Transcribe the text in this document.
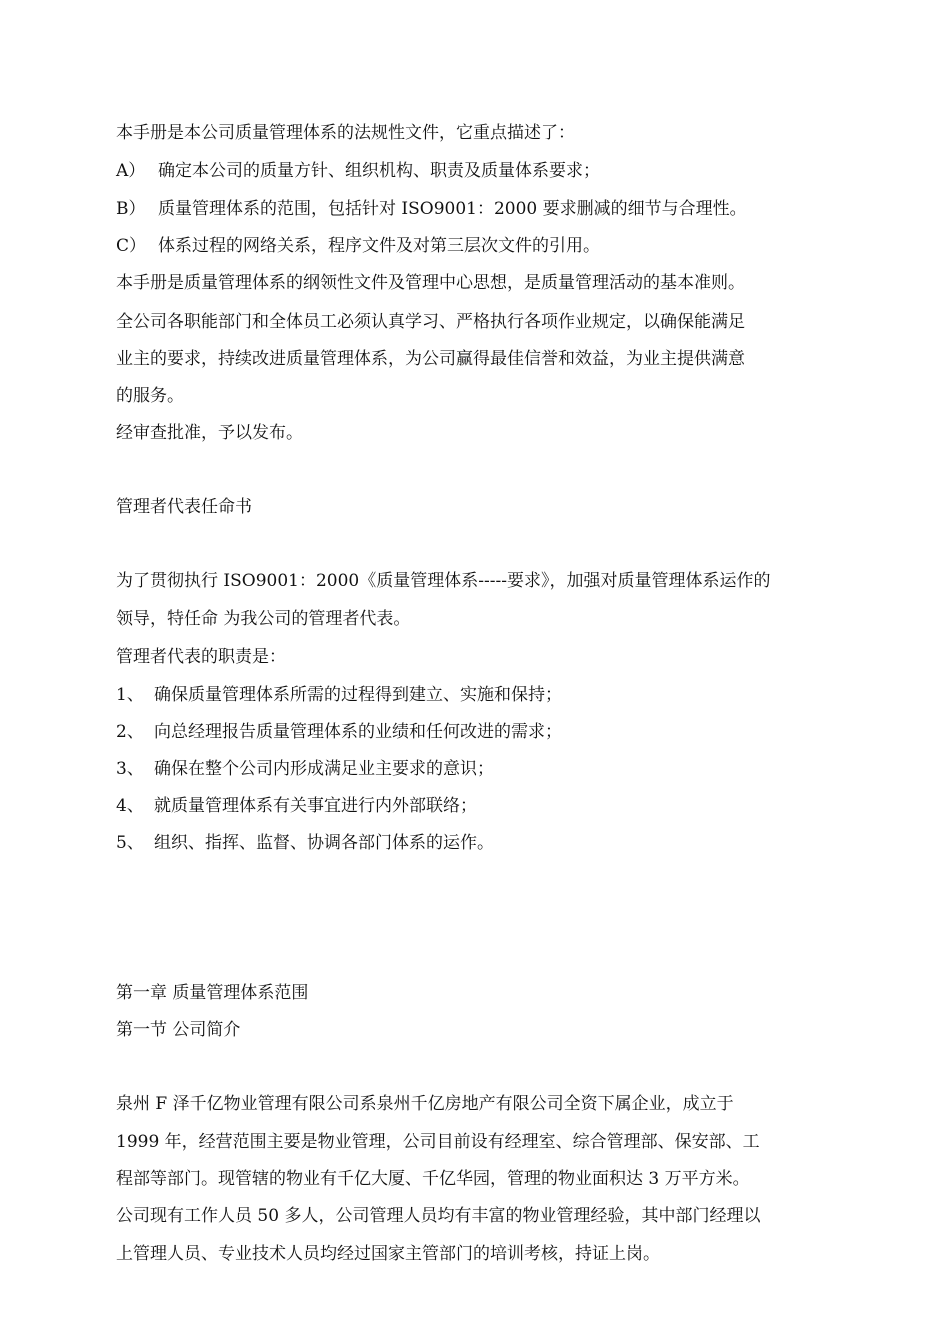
本手册是本公司质量管理体系的法规性文件，它重点描述了：
A） 确定本公司的质量方针、组织机构、职责及质量体系要求；
B） 质量管理体系的范围，包括针对 ISO9001：2000 要求删减的细节与合理性。
C） 体系过程的网络关系，程序文件及对第三层次文件的引用。
本手册是质量管理体系的纲领性文件及管理中心思想，是质量管理活动的基本准则。
全公司各职能部门和全体员工必须认真学习、严格执行各项作业规定，以确保能满足
业主的要求，持续改进质量管理体系，为公司赢得最佳信誉和效益，为业主提供满意
的服务。
经审查批准，予以发布。
管理者代表任命书
为了贯彻执行 ISO9001：2000《质量管理体系-----要求》，加强对质量管理体系运作的
领导，特任命 为我公司的管理者代表。
管理者代表的职责是：
1、 确保质量管理体系所需的过程得到建立、实施和保持；
2、 向总经理报告质量管理体系的业绩和任何改进的需求；
3、 确保在整个公司内形成满足业主要求的意识；
4、 就质量管理体系有关事宜进行内外部联络；
5、 组织、指挥、监督、协调各部门体系的运作。
第一章 质量管理体系范围
第一节 公司简介
泉州 F 泽千亿物业管理有限公司系泉州千亿房地产有限公司全资下属企业，成立于
1999 年，经营范围主要是物业管理，公司目前设有经理室、综合管理部、保安部、工
程部等部门。现管辖的物业有千亿大厦、千亿华园，管理的物业面积达 3 万平方米。
公司现有工作人员 50 多人，公司管理人员均有丰富的物业管理经验，其中部门经理以
上管理人员、专业技术人员均经过国家主管部门的培训考核，持证上岗。
